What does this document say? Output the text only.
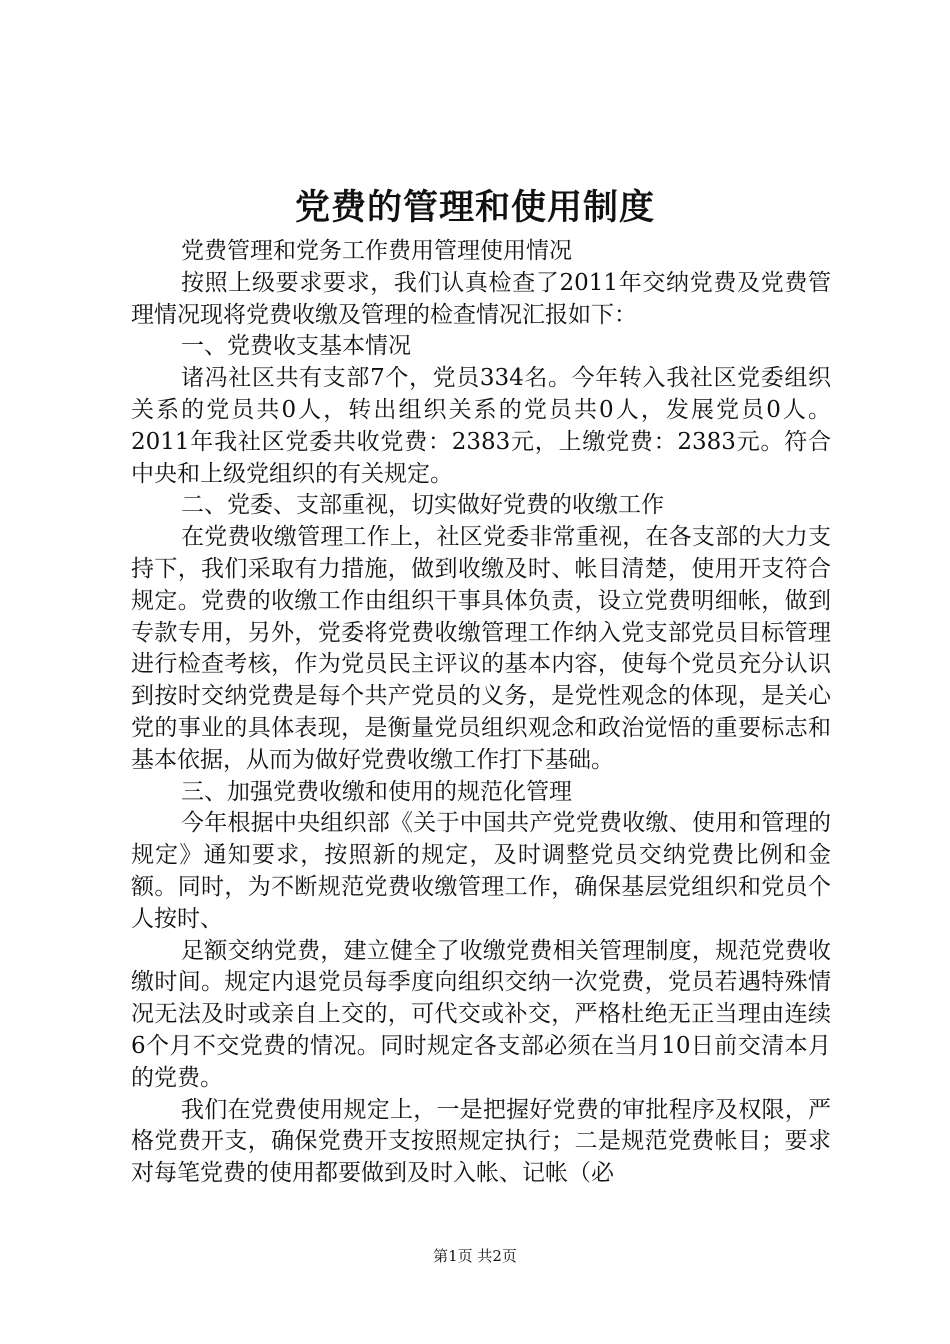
党费的管理和使用制度

党费管理和党务工作费用管理使用情况

按照上级要求要求，我们认真检查了2011年交纳党费及党费管理情况现将党费收缴及管理的检查情况汇报如下：

一、党费收支基本情况

诸冯社区共有支部7个，党员334名。今年转入我社区党委组织关系的党员共0人，转出组织关系的党员共0人，发展党员0人。2011年我社区党委共收党费：2383元，上缴党费：2383元。符合中央和上级党组织的有关规定。

二、党委、支部重视，切实做好党费的收缴工作

在党费收缴管理工作上，社区党委非常重视，在各支部的大力支持下，我们采取有力措施，做到收缴及时、帐目清楚，使用开支符合规定。党费的收缴工作由组织干事具体负责，设立党费明细帐，做到专款专用，另外，党委将党费收缴管理工作纳入党支部党员目标管理进行检查考核，作为党员民主评议的基本内容，使每个党员充分认识到按时交纳党费是每个共产党员的义务，是党性观念的体现，是关心党的事业的具体表现，是衡量党员组织观念和政治觉悟的重要标志和基本依据，从而为做好党费收缴工作打下基础。

三、加强党费收缴和使用的规范化管理

今年根据中央组织部《关于中国共产党党费收缴、使用和管理的规定》通知要求，按照新的规定，及时调整党员交纳党费比例和金额。同时，为不断规范党费收缴管理工作，确保基层党组织和党员个人按时、

足额交纳党费，建立健全了收缴党费相关管理制度，规范党费收缴时间。规定内退党员每季度向组织交纳一次党费，党员若遇特殊情况无法及时或亲自上交的，可代交或补交，严格杜绝无正当理由连续6个月不交党费的情况。同时规定各支部必须在当月10日前交清本月的党费。

我们在党费使用规定上，一是把握好党费的审批程序及权限，严格党费开支，确保党费开支按照规定执行；二是规范党费帐目；要求对每笔党费的使用都要做到及时入帐、记帐（必

第1页 共2页
